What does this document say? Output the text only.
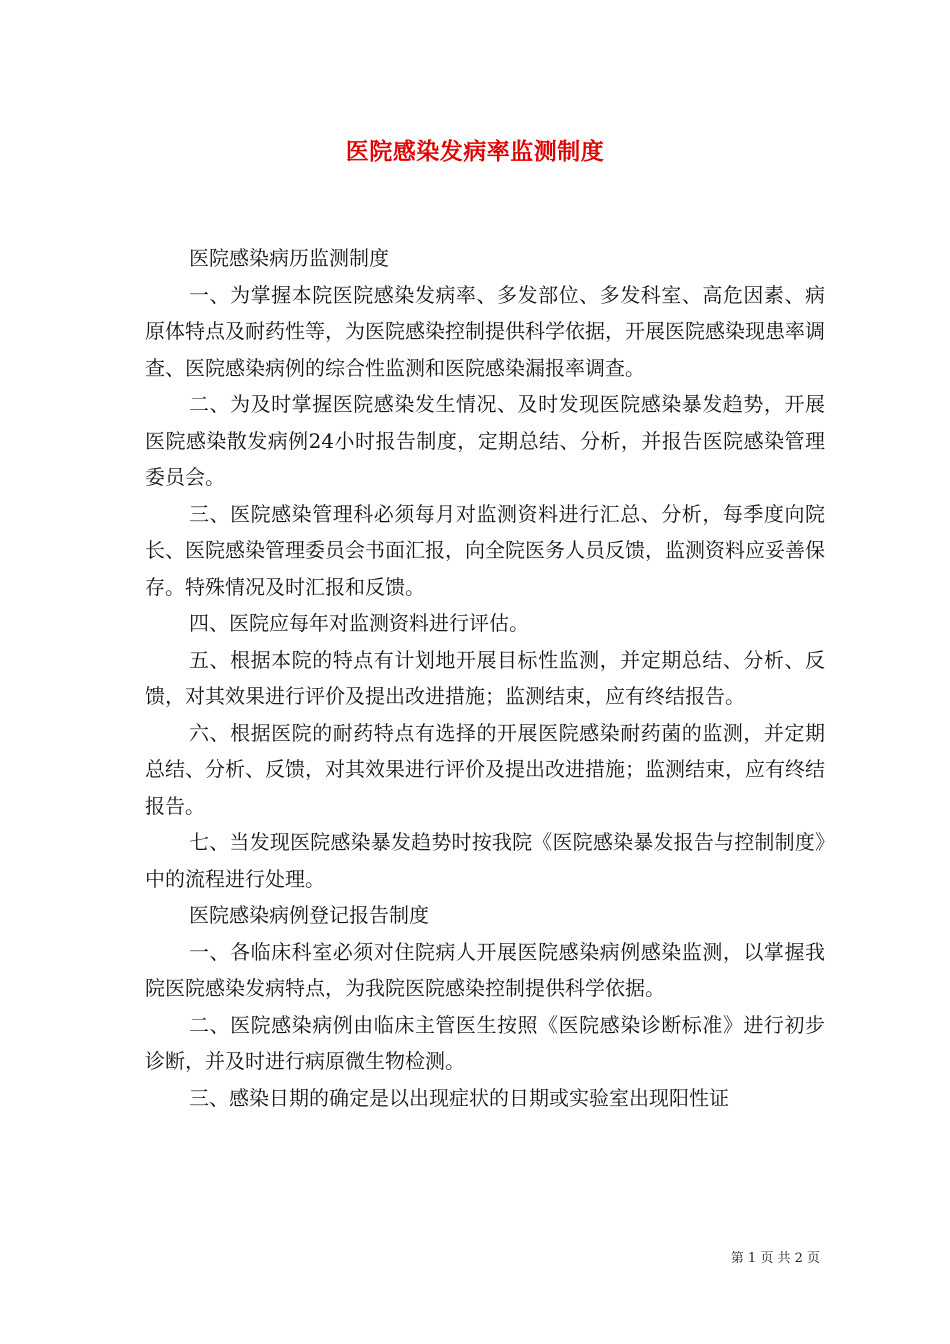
医院感染发病率监测制度

医院感染病历监测制度

一、为掌握本院医院感染发病率、多发部位、多发科室、高危因素、病原体特点及耐药性等，为医院感染控制提供科学依据，开展医院感染现患率调查、医院感染病例的综合性监测和医院感染漏报率调查。

二、为及时掌握医院感染发生情况、及时发现医院感染暴发趋势，开展医院感染散发病例24小时报告制度，定期总结、分析，并报告医院感染管理委员会。

三、医院感染管理科必须每月对监测资料进行汇总、分析，每季度向院长、医院感染管理委员会书面汇报，向全院医务人员反馈，监测资料应妥善保存。特殊情况及时汇报和反馈。

四、医院应每年对监测资料进行评估。

五、根据本院的特点有计划地开展目标性监测，并定期总结、分析、反馈，对其效果进行评价及提出改进措施；监测结束，应有终结报告。

六、根据医院的耐药特点有选择的开展医院感染耐药菌的监测，并定期总结、分析、反馈，对其效果进行评价及提出改进措施；监测结束，应有终结报告。

七、当发现医院感染暴发趋势时按我院《医院感染暴发报告与控制制度》中的流程进行处理。

医院感染病例登记报告制度

一、各临床科室必须对住院病人开展医院感染病例感染监测，以掌握我院医院感染发病特点，为我院医院感染控制提供科学依据。

二、医院感染病例由临床主管医生按照《医院感染诊断标准》进行初步诊断，并及时进行病原微生物检测。

三、感染日期的确定是以出现症状的日期或实验室出现阳性证

第 1 页 共 2 页
